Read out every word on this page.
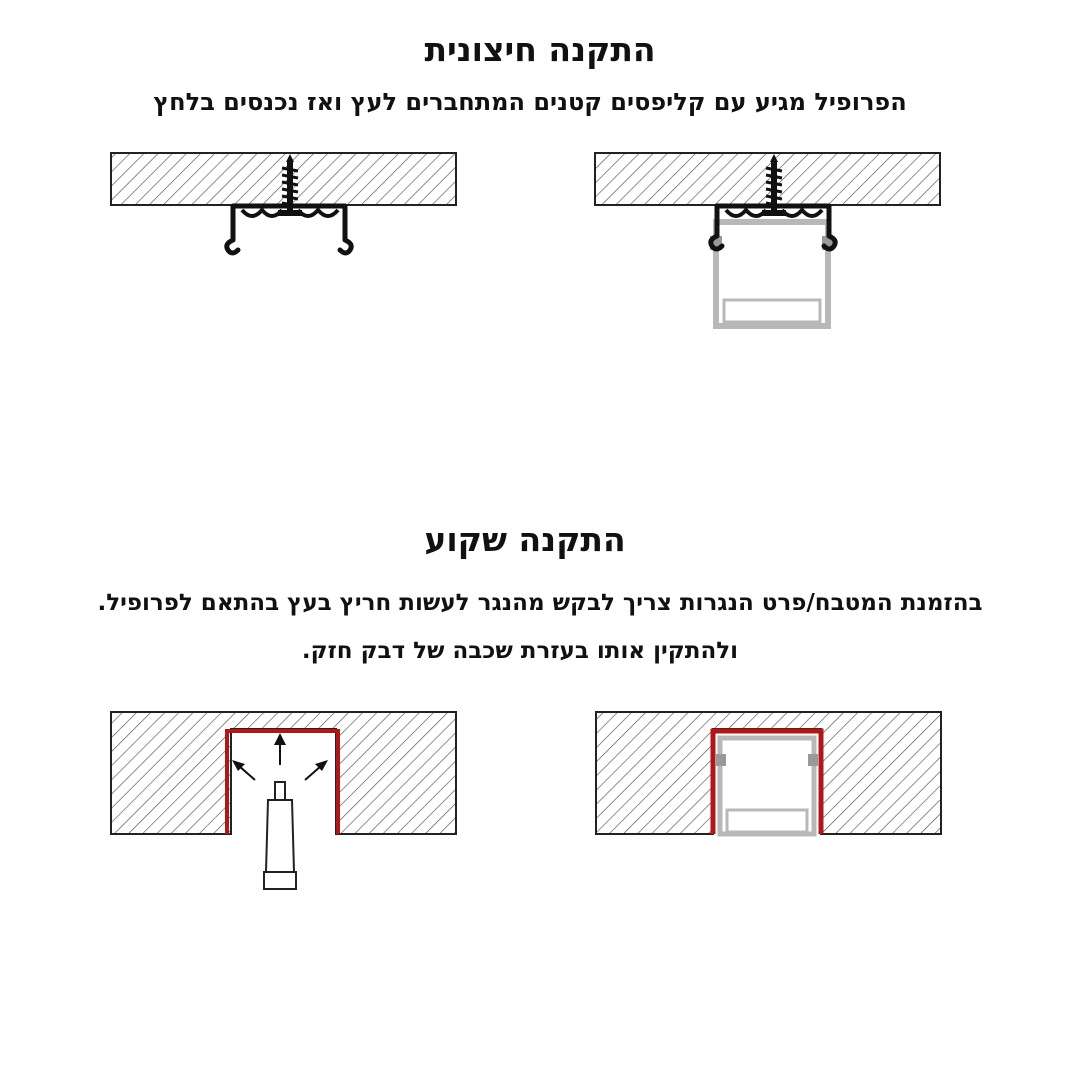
התקנה חיצונית
הפרופיל מגיע עם קליפסים קטנים המתחברים לעץ ואז נכנסים בלחץ
התקנה שקוע
בהזמנת המטבח/פרט הנגרות צריך לבקש מהנגר לעשות חריץ בעץ בהתאם לפרופיל.
ולהתקין אותו בעזרת שכבה של דבק חזק.
